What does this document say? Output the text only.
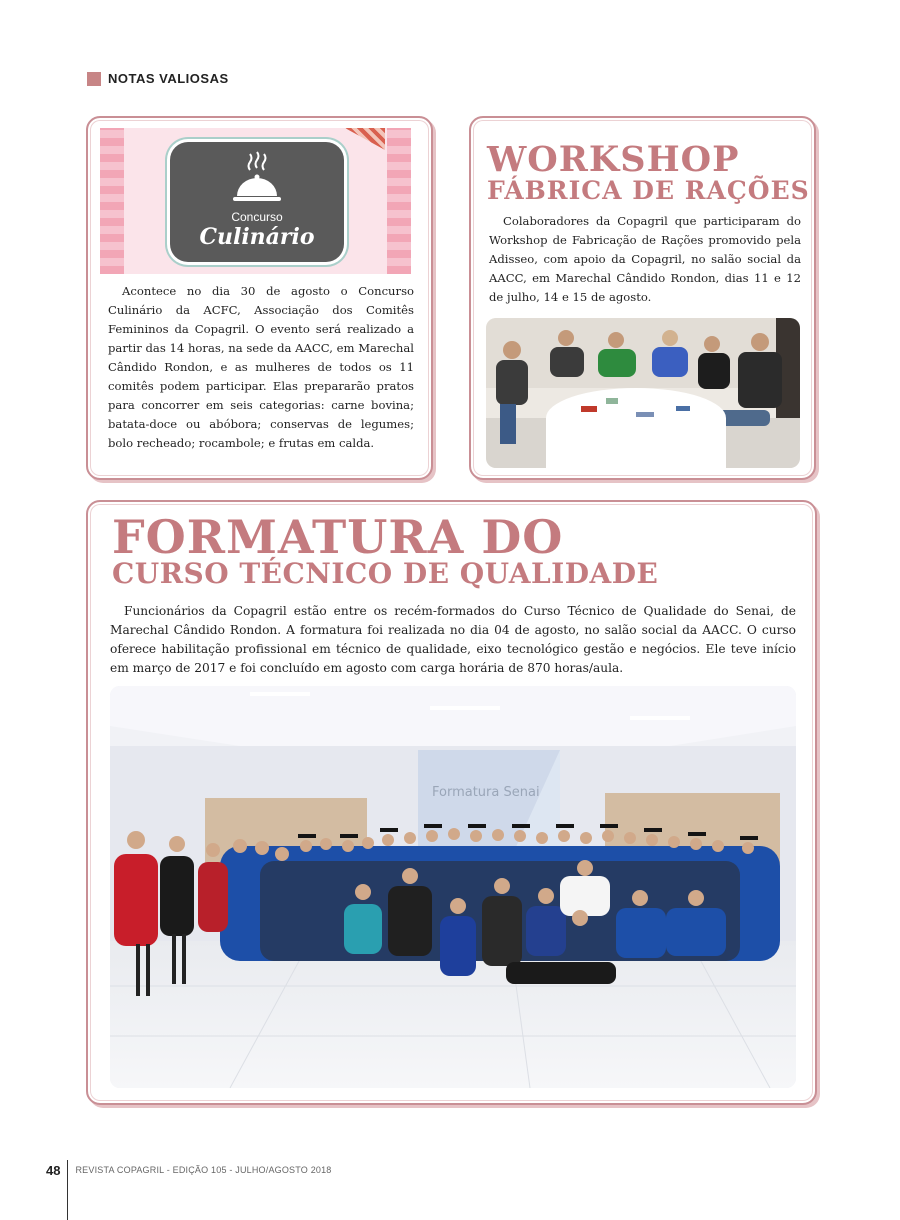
NOTAS VALIOSAS
Concurso
Culinário

Acontece no dia 30 de agosto o Concurso Culinário da ACFC, Associação dos Comitês Femininos da Copagril. O evento será realizado a partir das 14 horas, na sede da AACC, em Marechal Cândido Rondon, e as mulheres de todos os 11 comitês podem participar. Elas prepararão pratos para concorrer em seis categorias: carne bovina; batata-doce ou abóbora; conservas de legumes; bolo recheado; rocambole; e frutas em calda.

WORKSHOP
FÁBRICA DE RAÇÕES

Colaboradores da Copagril que participaram do Workshop de Fabricação de Rações promovido pela Adisseo, com apoio da Copagril, no salão social da AACC, em Marechal Cândido Rondon, dias 11 e 12 de julho, 14 e 15 de agosto.

FORMATURA DO
CURSO TÉCNICO DE QUALIDADE

Funcionários da Copagril estão entre os recém-formados do Curso Técnico de Qualidade do Senai, de Marechal Cândido Rondon. A formatura foi realizada no dia 04 de agosto, no salão social da AACC. O curso oferece habilitação profissional em técnico de qualidade, eixo tecnológico gestão e negócios. Ele teve início em março de 2017 e foi concluído em agosto com carga horária de 870 horas/aula.

Formatura Senai
48 REVISTA COPAGRIL - EDIÇÃO 105 - JULHO/AGOSTO 2018
